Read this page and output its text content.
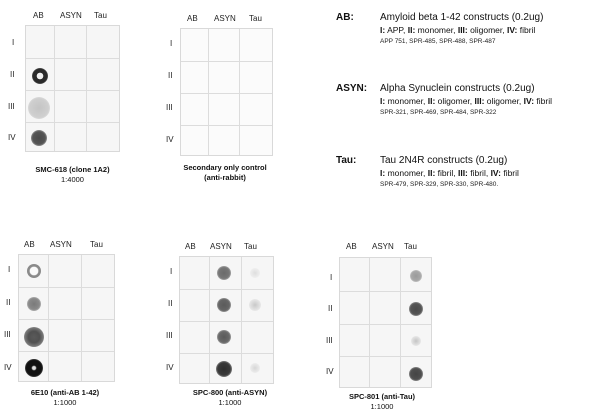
AB ASYN Tau
I
II
III
IV
SMC-618 (clone 1A2)
1:4000
AB ASYN Tau
I
II
III
IV
Secondary only control
(anti-rabbit)
AB ASYN Tau
I
II
III
IV
6E10 (anti-AB 1-42)
1:1000
AB ASYN Tau
I
II
III
IV
SPC-800 (anti-ASYN)
1:1000
AB ASYN Tau
I
II
III
IV
SPC-801 (anti-Tau)
1:1000
AB:	Amyloid beta 1-42 constructs (0.2ug)
I: APP, II: monomer, III: oligomer, IV: fibril
APP 751, SPR-485, SPR-488, SPR-487
ASYN: Alpha Synuclein constructs (0.2ug)
I: monomer, II: oligomer, III: oligomer, IV: fibril
SPR-321, SPR-469, SPR-484, SPR-322
Tau: Tau 2N4R constructs (0.2ug)
I: monomer, II: fibril, III: fibril, IV: fibril
SPR-479, SPR-329, SPR-330, SPR-480.
